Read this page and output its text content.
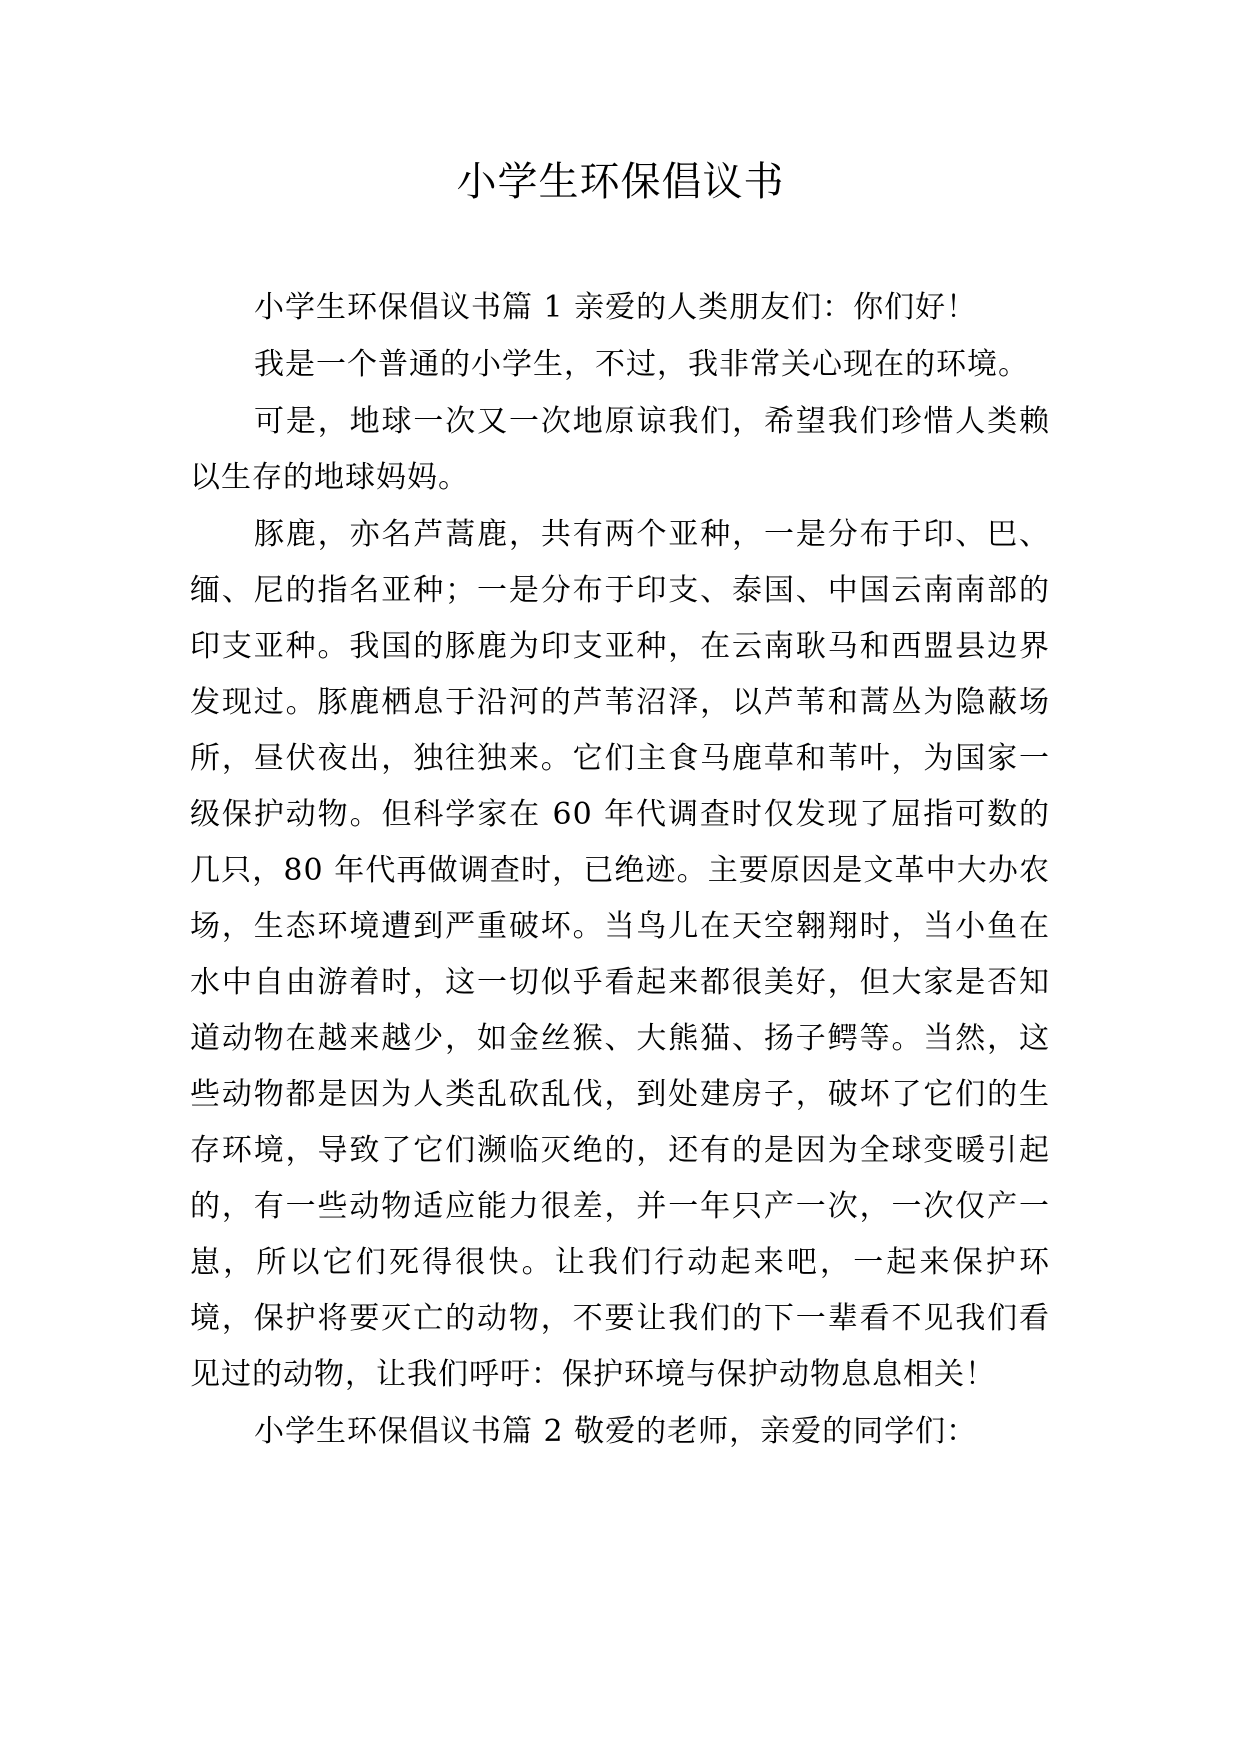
小学生环保倡议书

小学生环保倡议书篇 1 亲爱的人类朋友们：你们好！

我是一个普通的小学生，不过，我非常关心现在的环境。

可是，地球一次又一次地原谅我们，希望我们珍惜人类赖以生存的地球妈妈。

豚鹿，亦名芦蒿鹿，共有两个亚种，一是分布于印、巴、缅、尼的指名亚种；一是分布于印支、泰国、中国云南南部的印支亚种。我国的豚鹿为印支亚种，在云南耿马和西盟县边界发现过。豚鹿栖息于沿河的芦苇沼泽，以芦苇和蒿丛为隐蔽场所，昼伏夜出，独往独来。它们主食马鹿草和苇叶，为国家一级保护动物。但科学家在 60 年代调查时仅发现了屈指可数的几只，80 年代再做调查时，已绝迹。主要原因是文革中大办农场，生态环境遭到严重破坏。当鸟儿在天空翱翔时，当小鱼在水中自由游着时，这一切似乎看起来都很美好，但大家是否知道动物在越来越少，如金丝猴、大熊猫、扬子鳄等。当然，这些动物都是因为人类乱砍乱伐，到处建房子，破坏了它们的生存环境，导致了它们濒临灭绝的，还有的是因为全球变暖引起的，有一些动物适应能力很差，并一年只产一次，一次仅产一崽，所以它们死得很快。让我们行动起来吧，一起来保护环境，保护将要灭亡的动物，不要让我们的下一辈看不见我们看见过的动物，让我们呼吁：保护环境与保护动物息息相关！

小学生环保倡议书篇 2 敬爱的老师，亲爱的同学们：
